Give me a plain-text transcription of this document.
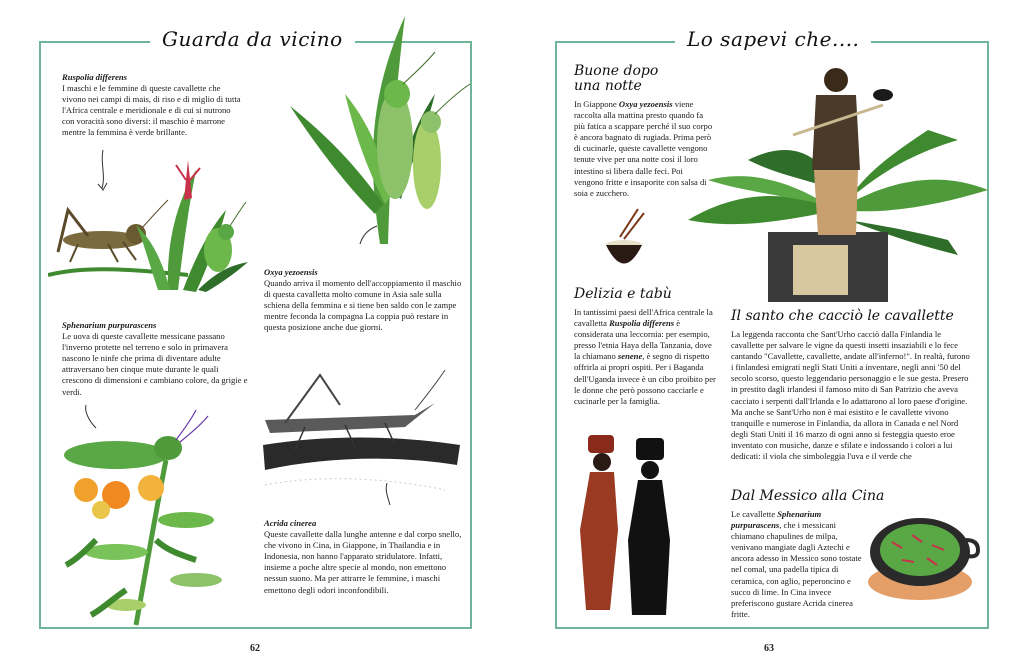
Guarda da vicino
Ruspolia differens
I maschi e le femmine di queste cavallette che vivono nei campi di mais, di riso e di miglio di tutta l'Africa centrale e meridionale e di cui si nutrono con voracità sono diversi: il maschio è marrone mentre la femmina è verde brillante.
Oxya yezoensis
Quando arriva il momento dell'accoppiamento il maschio di questa cavalletta molto comune in Asia sale sulla schiena della femmina e si tiene ben saldo con le zampe mentre feconda la compagna La coppia può restare in questa posizione anche due giorni.
Sphenarium purpurascens
Le uova di queste cavallette messicane passano l'inverno protette nel terreno e solo in primavera nascono le ninfe che prima di diventare adulte attraversano ben cinque mute durante le quali crescono di dimensioni e cambiano colore, da grigie e verdi.
Acrida cinerea
Queste cavallette dalla lunghe antenne e dal corpo snello, che vivono in Cina, in Giappone, in Thailandia e in Indonesia, non hanno l'apparato stridulatore. Infatti, insieme a poche altre specie al mondo, non emettono nessun suono. Ma per attrarre le femmine, i maschi emettono degli odori inconfondibili.
62
Lo sapevi che....
Buone dopo
una notte
In Giappone Oxya yezoensis viene raccolta alla mattina presto quando fa più fatica a scappare perché il suo corpo è ancora bagnato di rugiada. Prima però di cucinarle, queste cavallette vengono tenute vive per una notte così il loro intestino si libera dalle feci. Poi vengono fritte e insaporite con salsa di soia e zucchero.
Delizia e tabù
In tantissimi paesi dell'Africa centrale la cavalletta Ruspolia differens è considerata una leccornia: per esempio, presso l'etnia Haya della Tanzania, dove la chiamano senene, è segno di rispetto offrirla ai propri ospiti. Per i Baganda dell'Uganda invece è un cibo proibito per le donne che però possono cacciarle e cucinarle per la famiglia.
Il santo che cacciò le cavallette
La leggenda racconta che Sant'Urho cacciò dalla Finlandia le cavallette per salvare le vigne da questi insetti insaziabili e lo fece cantando "Cavallette, cavallette, andate all'inferno!". In realtà, furono i finlandesi emigrati negli Stati Uniti a inventare, negli anni '50 del secolo scorso, questo leggendario personaggio e le sue gesta. Presero in prestito dagli irlandesi il famoso mito di San Patrizio che aveva cacciato i serpenti dall'Irlanda e lo adattarono al loro paese d'origine. Ma anche se Sant'Urho non è mai esistito e le cavallette vivono tranquille e numerose in Finlandia, da allora in Canada e nel Nord degli Stati Uniti il 16 marzo di ogni anno si festeggia questo eroe inventato con musiche, danze e sfilate e indossando i colori a lui dedicati: il viola che simboleggia l'uva e il verde che
Dal Messico alla Cina
Le cavallette Sphenarium purpurascens, che i messicani chiamano chapulines de milpa, venivano mangiate dagli Aztechi e ancora adesso in Messico sono tostate nel comal, una padella tipica di ceramica, con aglio, peperoncino e succo di lime. In Cina invece preferiscono gustare Acrida cinerea fritte.
63
